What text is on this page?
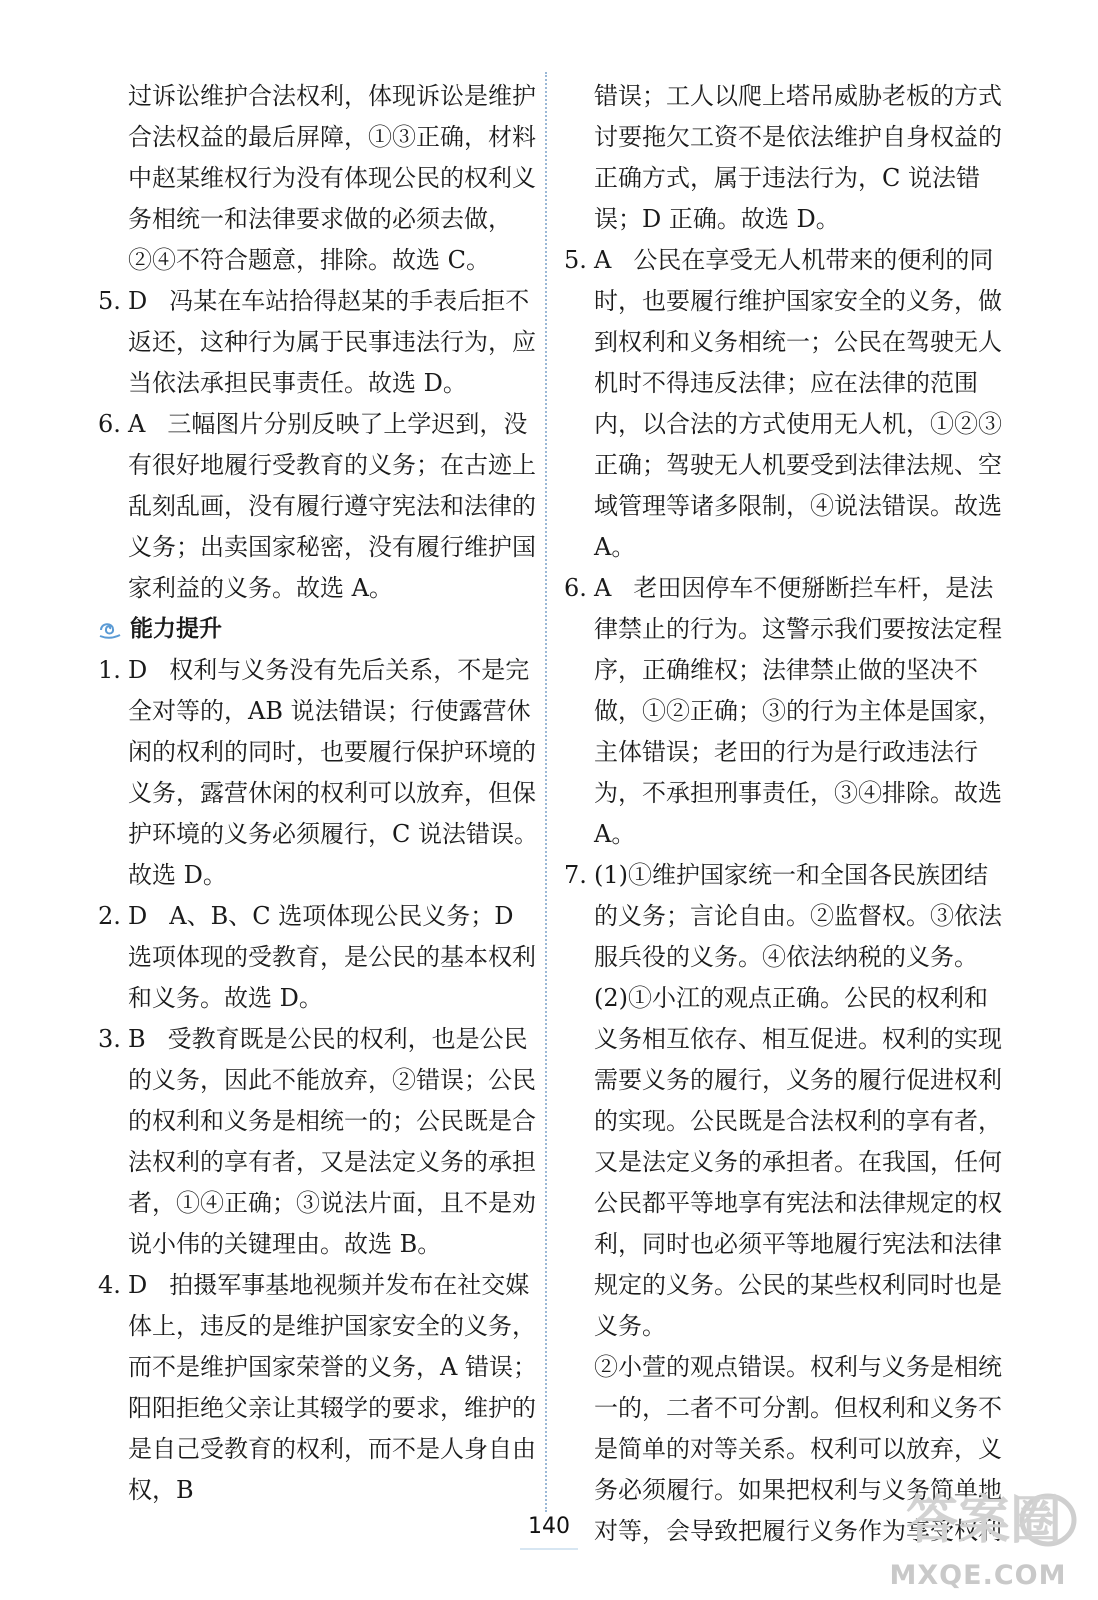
过诉讼维护合法权利，体现诉讼是维护合法权益的最后屏障，①③正确，材料中赵某维权行为没有体现公民的权利义务相统一和法律要求做的必须去做，②④不符合题意，排除。故选 C。

5. D 冯某在车站拾得赵某的手表后拒不返还，这种行为属于民事违法行为，应当依法承担民事责任。故选 D。
6. A 三幅图片分别反映了上学迟到，没有很好地履行受教育的义务；在古迹上乱刻乱画，没有履行遵守宪法和法律的义务；出卖国家秘密，没有履行维护国家利益的义务。故选 A。
能力提升
1. D 权利与义务没有先后关系，不是完全对等的，AB 说法错误；行使露营休闲的权利的同时，也要履行保护环境的义务，露营休闲的权利可以放弃，但保护环境的义务必须履行，C 说法错误。故选 D。
2. D A、B、C 选项体现公民义务；D 选项体现的受教育，是公民的基本权利和义务。故选 D。
3. B 受教育既是公民的权利，也是公民的义务，因此不能放弃，②错误；公民的权利和义务是相统一的；公民既是合法权利的享有者，又是法定义务的承担者，①④正确；③说法片面，且不是劝说小伟的关键理由。故选 B。
4. D 拍摄军事基地视频并发布在社交媒体上，违反的是维护国家安全的义务，而不是维护国家荣誉的义务，A 错误；阳阳拒绝父亲让其辍学的要求，维护的是自己受教育的权利，而不是人身自由权，B

错误；工人以爬上塔吊威胁老板的方式讨要拖欠工资不是依法维护自身权益的正确方式，属于违法行为，C 说法错误；D 正确。故选 D。

5. A 公民在享受无人机带来的便利的同时，也要履行维护国家安全的义务，做到权利和义务相统一；公民在驾驶无人机时不得违反法律；应在法律的范围内，以合法的方式使用无人机，①②③正确；驾驶无人机要受到法律法规、空域管理等诸多限制，④说法错误。故选 A。
6. A 老田因停车不便掰断拦车杆，是法律禁止的行为。这警示我们要按法定程序，正确维权；法律禁止做的坚决不做，①②正确；③的行为主体是国家，主体错误；老田的行为是行政违法行为，不承担刑事责任，③④排除。故选 A。
7. (1)①维护国家统一和全国各民族团结的义务；言论自由。②监督权。③依法服兵役的义务。④依法纳税的义务。

(2)①小江的观点正确。公民的权利和义务相互依存、相互促进。权利的实现需要义务的履行，义务的履行促进权利的实现。公民既是合法权利的享有者，又是法定义务的承担者。在我国，任何公民都平等地享有宪法和法律规定的权利，同时也必须平等地履行宪法和法律规定的义务。公民的某些权利同时也是义务。

②小萱的观点错误。权利与义务是相统一的，二者不可分割。但权利和义务不是简单的对等关系。权利可以放弃，义务必须履行。如果把权利与义务简单地对等，会导致把履行义务作为享受权利

140	答案圈
MXQE.COM
